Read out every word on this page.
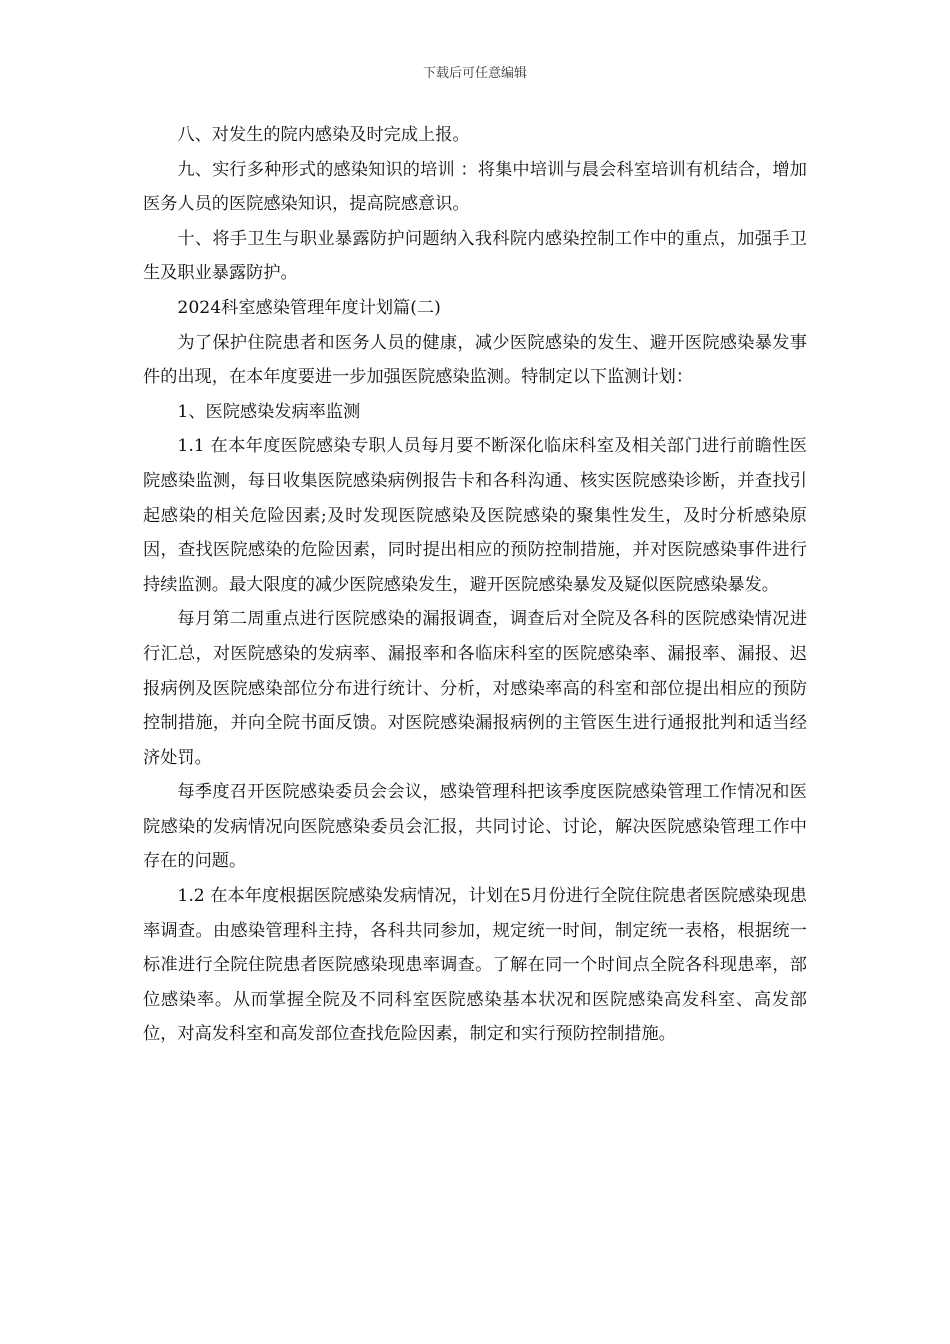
下载后可任意编辑

八、对发生的院内感染及时完成上报。

九、实行多种形式的感染知识的培训 ：将集中培训与晨会科室培训有机结合，增加医务人员的医院感染知识，提高院感意识。

十、将手卫生与职业暴露防护问题纳入我科院内感染控制工作中的重点，加强手卫生及职业暴露防护。

2024科室感染管理年度计划篇(二)

为了保护住院患者和医务人员的健康，减少医院感染的发生、避开医院感染暴发事件的出现，在本年度要进一步加强医院感染监测。特制定以下监测计划：

1、医院感染发病率监测

1.1 在本年度医院感染专职人员每月要不断深化临床科室及相关部门进行前瞻性医院感染监测，每日收集医院感染病例报告卡和各科沟通、核实医院感染诊断，并查找引起感染的相关危险因素;及时发现医院感染及医院感染的聚集性发生，及时分析感染原因，查找医院感染的危险因素，同时提出相应的预防控制措施，并对医院感染事件进行持续监测。最大限度的减少医院感染发生，避开医院感染暴发及疑似医院感染暴发。

每月第二周重点进行医院感染的漏报调查，调查后对全院及各科的医院感染情况进行汇总，对医院感染的发病率、漏报率和各临床科室的医院感染率、漏报率、漏报、迟报病例及医院感染部位分布进行统计、分析，对感染率高的科室和部位提出相应的预防控制措施，并向全院书面反馈。对医院感染漏报病例的主管医生进行通报批判和适当经济处罚。

每季度召开医院感染委员会会议，感染管理科把该季度医院感染管理工作情况和医院感染的发病情况向医院感染委员会汇报，共同讨论、讨论，解决医院感染管理工作中存在的问题。

1.2 在本年度根据医院感染发病情况，计划在5月份进行全院住院患者医院感染现患率调查。由感染管理科主持，各科共同参加，规定统一时间，制定统一表格，根据统一标准进行全院住院患者医院感染现患率调查。了解在同一个时间点全院各科现患率，部位感染率。从而掌握全院及不同科室医院感染基本状况和医院感染高发科室、高发部位，对高发科室和高发部位查找危险因素，制定和实行预防控制措施。
